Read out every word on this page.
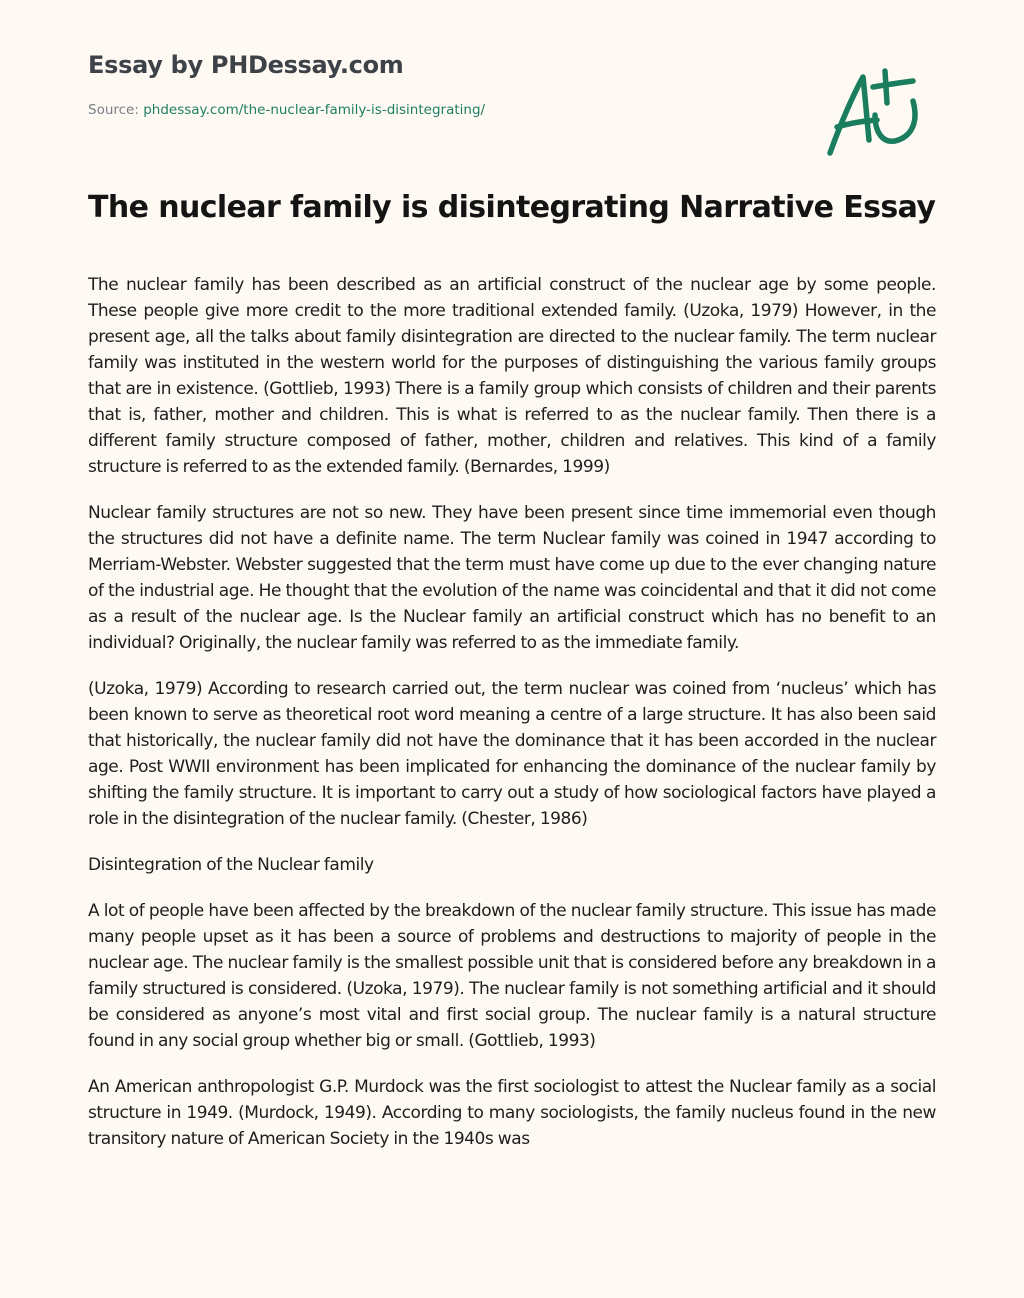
Essay by PHDessay.com
Source: phdessay.com/the-nuclear-family-is-disintegrating/
The nuclear family is disintegrating Narrative Essay

The nuclear family has been described as an artificial construct of the nuclear age by some people. These people give more credit to the more traditional extended family. (Uzoka, 1979) However, in the present age, all the talks about family disintegration are directed to the nuclear family. The term nuclear family was instituted in the western world for the purposes of distinguishing the various family groups that are in existence. (Gottlieb, 1993) There is a family group which consists of children and their parents that is, father, mother and children. This is what is referred to as the nuclear family. Then there is a different family structure composed of father, mother, children and relatives. This kind of a family structure is referred to as the extended family. (Bernardes, 1999)

Nuclear family structures are not so new. They have been present since time immemorial even though the structures did not have a definite name. The term Nuclear family was coined in 1947 according to Merriam-Webster. Webster suggested that the term must have come up due to the ever changing nature of the industrial age. He thought that the evolution of the name was coincidental and that it did not come as a result of the nuclear age. Is the Nuclear family an artificial construct which has no benefit to an individual? Originally, the nuclear family was referred to as the immediate family.

(Uzoka, 1979) According to research carried out, the term nuclear was coined from ‘nucleus’ which has been known to serve as theoretical root word meaning a centre of a large structure. It has also been said that historically, the nuclear family did not have the dominance that it has been accorded in the nuclear age. Post WWII environment has been implicated for enhancing the dominance of the nuclear family by shifting the family structure. It is important to carry out a study of how sociological factors have played a role in the disintegration of the nuclear family. (Chester, 1986)

Disintegration of the Nuclear family

A lot of people have been affected by the breakdown of the nuclear family structure. This issue has made many people upset as it has been a source of problems and destructions to majority of people in the nuclear age. The nuclear family is the smallest possible unit that is considered before any breakdown in a family structured is considered. (Uzoka, 1979). The nuclear family is not something artificial and it should be considered as anyone’s most vital and first social group. The nuclear family is a natural structure found in any social group whether big or small. (Gottlieb, 1993)

An American anthropologist G.P. Murdock was the first sociologist to attest the Nuclear family as a social structure in 1949. (Murdock, 1949). According to many sociologists, the family nucleus found in the new transitory nature of American Society in the 1940s was
